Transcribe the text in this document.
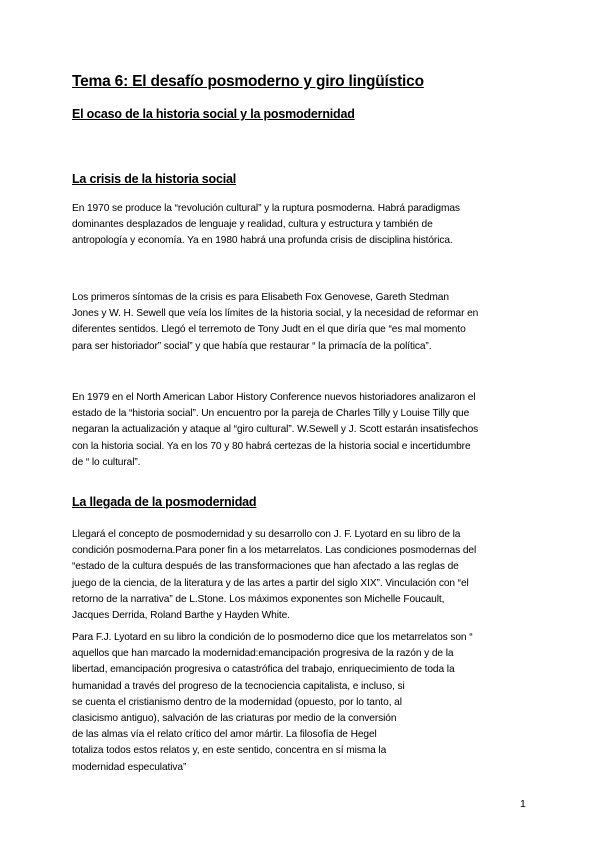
Tema 6: El desafío posmoderno y giro lingüístico
El ocaso de la historia social y la posmodernidad
La crisis de la historia social
En 1970 se produce la “revolución cultural” y la ruptura posmoderna. Habrá paradigmas
dominantes desplazados de lenguaje y realidad, cultura y estructura y también de
antropología y economía. Ya en 1980 habrá una profunda crisis de disciplina histórica.
Los primeros síntomas de la crisis es para Elisabeth Fox Genovese, Gareth Stedman
Jones y W. H. Sewell que veía los límites de la historia social, y la necesidad de reformar en
diferentes sentidos. Llegó el terremoto de Tony Judt en el que diría que “es mal momento
para ser historiador” social” y que había que restaurar “ la primacía de la política”.
En 1979 en el North American Labor History Conference nuevos historiadores analizaron el
estado de la “historia social”. Un encuentro por la pareja de Charles Tilly y Louise Tilly que
negaran la actualización y ataque al “giro cultural”. W.Sewell y J. Scott estarán insatisfechos
con la historia social. Ya en los 70 y 80 habrá certezas de la historia social e incertidumbre
de “ lo cultural”.
La llegada de la posmodernidad
Llegará el concepto de posmodernidad y su desarrollo con J. F. Lyotard en su libro de la
condición posmoderna.Para poner fin a los metarrelatos. Las condiciones posmodernas del
“estado de la cultura después de las transformaciones que han afectado a las reglas de
juego de la ciencia, de la literatura y de las artes a partir del siglo XIX”. Vinculación con “el
retorno de la narrativa” de L.Stone. Los máximos exponentes son Michelle Foucault,
Jacques Derrida, Roland Barthe y Hayden White.
Para F.J. Lyotard en su libro la condición de lo posmoderno dice que los metarrelatos son “
aquellos que han marcado la modernidad:emancipación progresiva de la razón y de la
libertad, emancipación progresiva o catastrófica del trabajo, enriquecimiento de toda la
humanidad a través del progreso de la tecnociencia capitalista, e incluso, si
se cuenta el cristianismo dentro de la modernidad (opuesto, por lo tanto, al
clasicismo antiguo), salvación de las criaturas por medio de la conversión
de las almas vía el relato crítico del amor mártir. La filosofía de Hegel
totaliza todos estos relatos y, en este sentido, concentra en sí misma la
modernidad especulativa”
1
